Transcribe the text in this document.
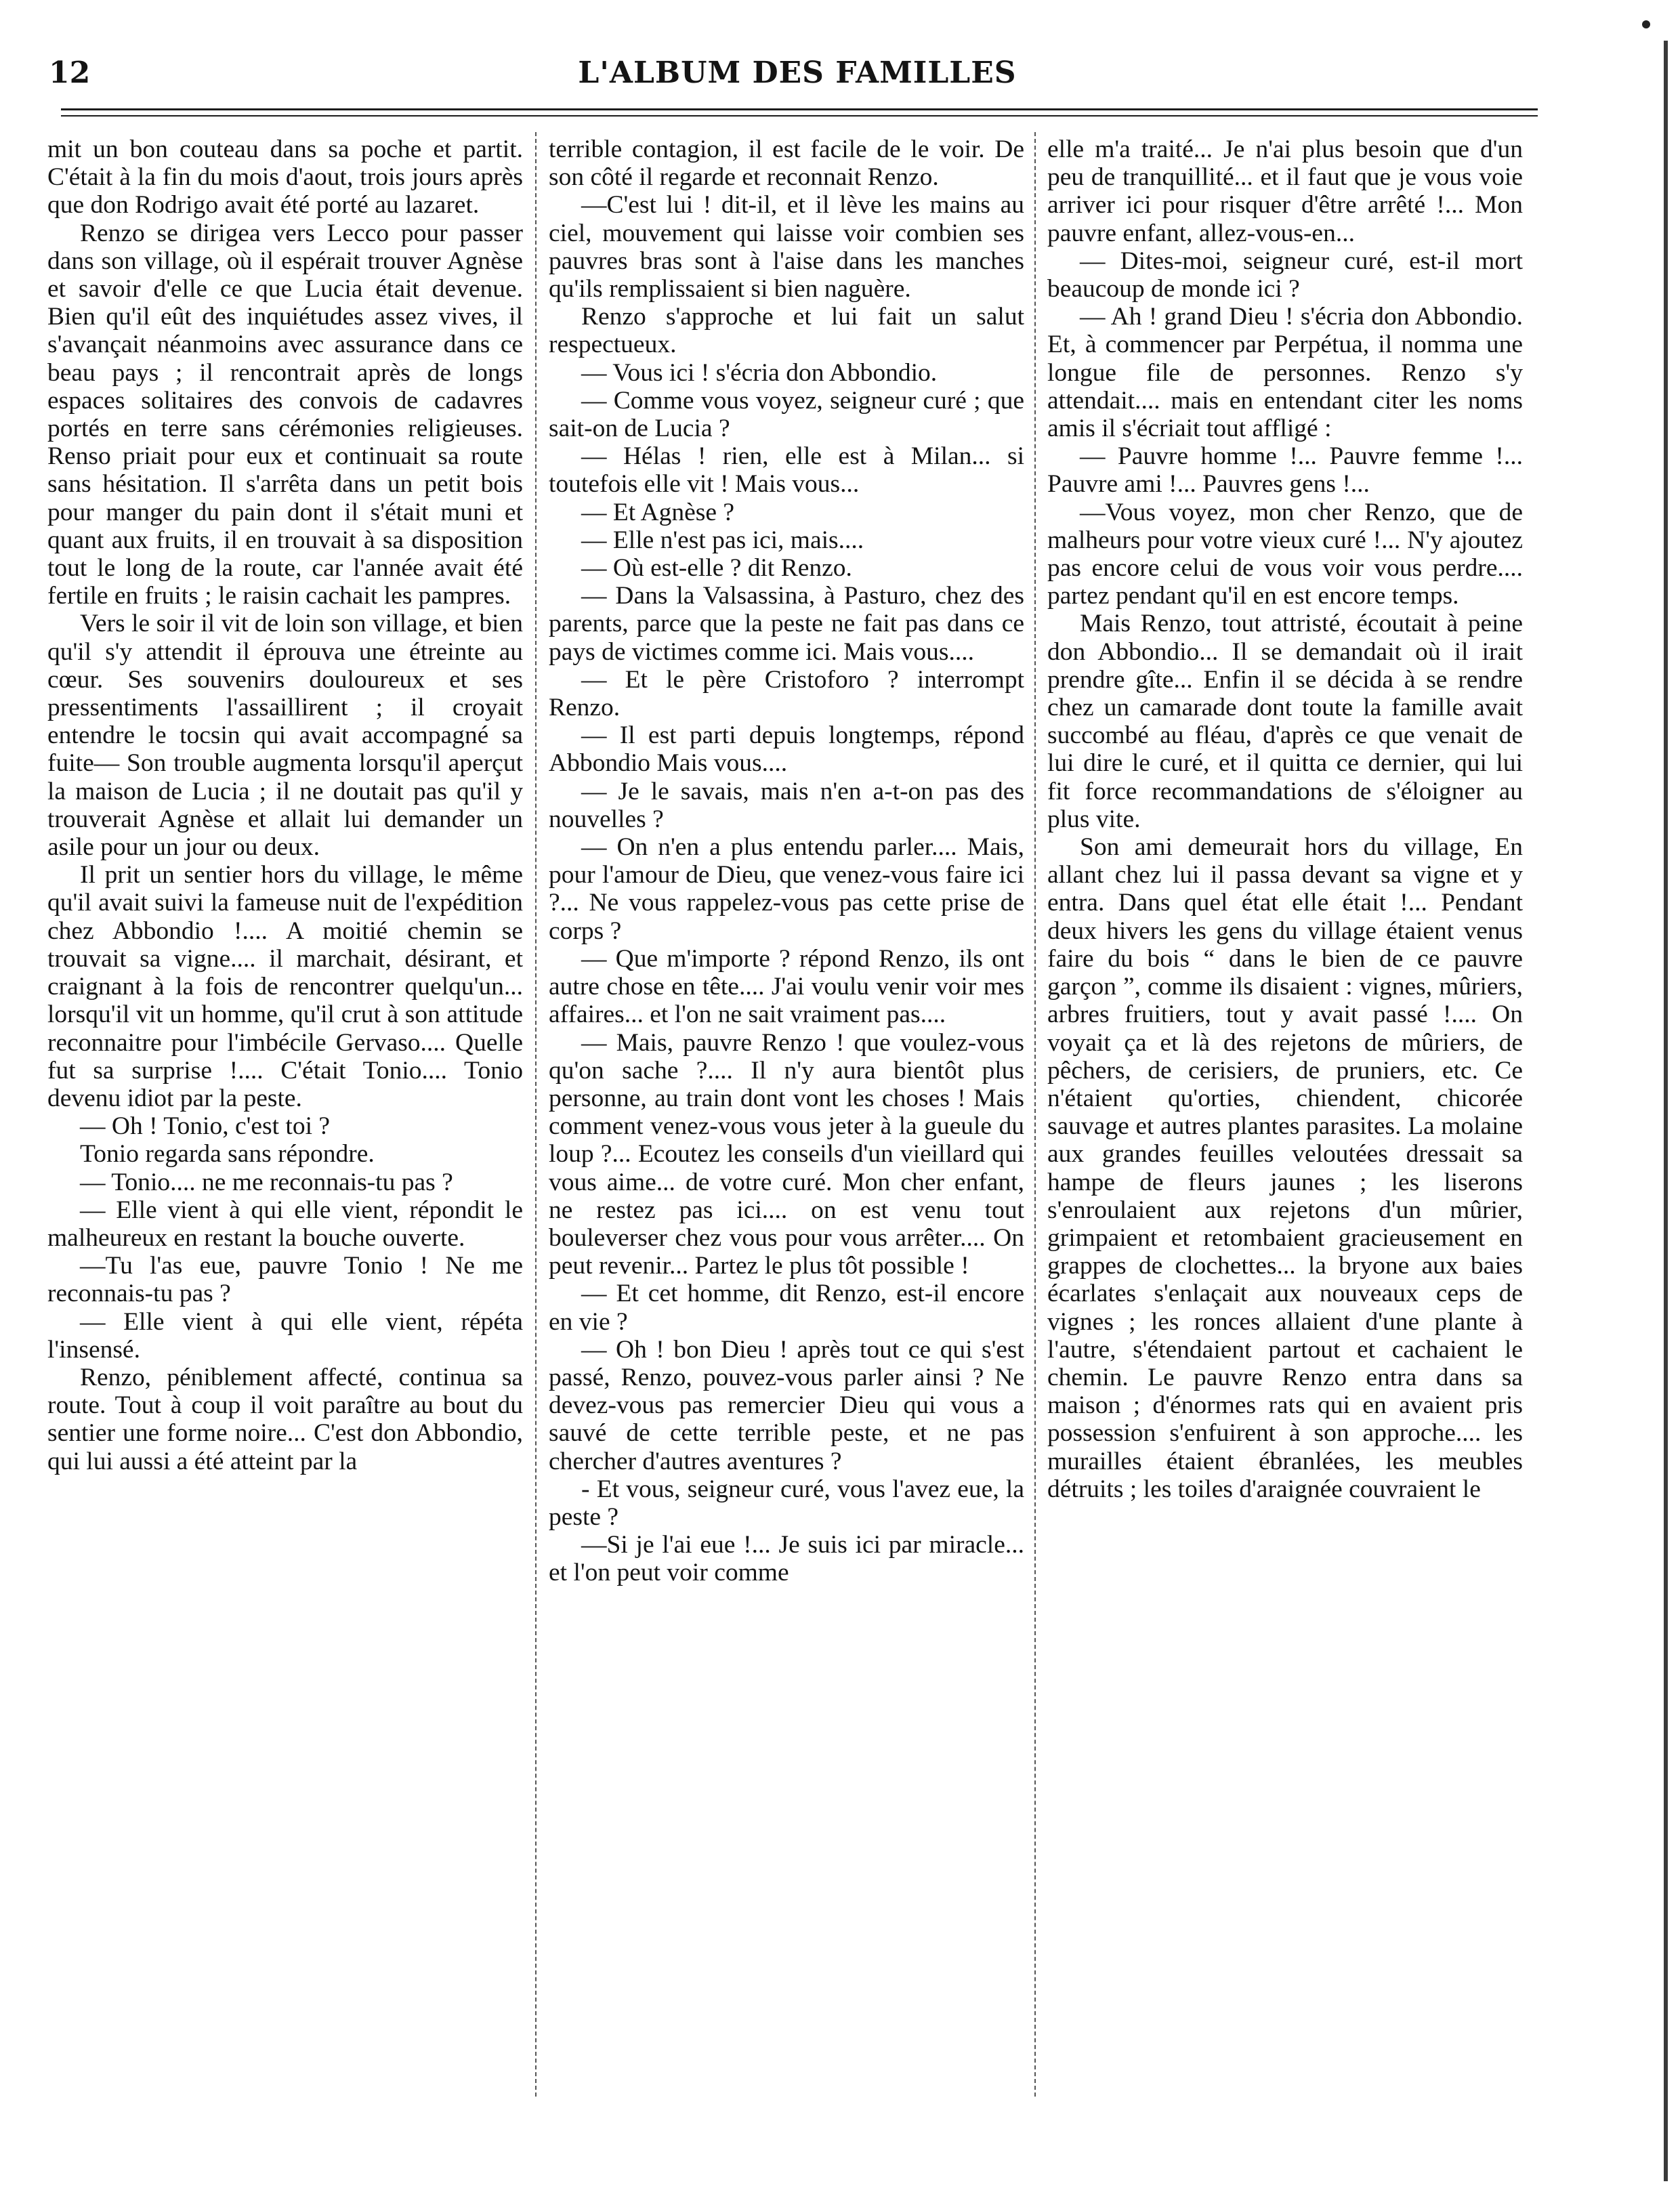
12	L'ALBUM DES FAMILLES

mit un bon couteau dans sa poche et partit. C'était à la fin du mois d'aout, trois jours après que don Rodrigo avait été porté au lazaret.

Renzo se dirigea vers Lecco pour passer dans son village, où il espérait trouver Agnèse et savoir d'elle ce que Lucia était devenue. Bien qu'il eût des inquiétudes assez vives, il s'avançait néanmoins avec assurance dans ce beau pays ; il rencontrait après de longs espaces solitaires des convois de cadavres portés en terre sans cérémonies religieuses. Renso priait pour eux et continuait sa route sans hésitation. Il s'arrêta dans un petit bois pour manger du pain dont il s'était muni et quant aux fruits, il en trouvait à sa disposition tout le long de la route, car l'année avait été fertile en fruits ; le raisin cachait les pampres.

Vers le soir il vit de loin son village, et bien qu'il s'y attendit il éprouva une étreinte au cœur. Ses souvenirs douloureux et ses pressentiments l'assaillirent ; il croyait entendre le tocsin qui avait accompagné sa fuite— Son trouble augmenta lorsqu'il aperçut la maison de Lucia ; il ne doutait pas qu'il y trouverait Agnèse et allait lui demander un asile pour un jour ou deux.

Il prit un sentier hors du village, le même qu'il avait suivi la fameuse nuit de l'expédition chez Abbondio !.... A moitié chemin se trouvait sa vigne.... il marchait, désirant, et craignant à la fois de rencontrer quelqu'un... lorsqu'il vit un homme, qu'il crut à son attitude reconnaitre pour l'imbécile Gervaso.... Quelle fut sa surprise !.... C'était Tonio.... Tonio devenu idiot par la peste.

— Oh ! Tonio, c'est toi ?

Tonio regarda sans répondre.

— Tonio.... ne me reconnais-tu pas ?

— Elle vient à qui elle vient, répondit le malheureux en restant la bouche ouverte.

—Tu l'as eue, pauvre Tonio ! Ne me reconnais-tu pas ?

— Elle vient à qui elle vient, répéta l'insensé.

Renzo, péniblement affecté, continua sa route. Tout à coup il voit paraître au bout du sentier une forme noire... C'est don Abbondio, qui lui aussi a été atteint par la

terrible contagion, il est facile de le voir. De son côté il regarde et reconnait Renzo.

—C'est lui ! dit-il, et il lève les mains au ciel, mouvement qui laisse voir combien ses pauvres bras sont à l'aise dans les manches qu'ils remplissaient si bien naguère.

Renzo s'approche et lui fait un salut respectueux.

— Vous ici ! s'écria don Abbondio.

— Comme vous voyez, seigneur curé ; que sait-on de Lucia ?

— Hélas ! rien, elle est à Milan... si toutefois elle vit ! Mais vous...

— Et Agnèse ?

— Elle n'est pas ici, mais....

— Où est-elle ? dit Renzo.

— Dans la Valsassina, à Pasturo, chez des parents, parce que la peste ne fait pas dans ce pays de victimes comme ici. Mais vous....

— Et le père Cristoforo ? interrompt Renzo.

— Il est parti depuis longtemps, répond Abbondio Mais vous....

— Je le savais, mais n'en a-t-on pas des nouvelles ?

— On n'en a plus entendu parler.... Mais, pour l'amour de Dieu, que venez-vous faire ici ?... Ne vous rappelez-vous pas cette prise de corps ?

— Que m'importe ? répond Renzo, ils ont autre chose en tête.... J'ai voulu venir voir mes affaires... et l'on ne sait vraiment pas....

— Mais, pauvre Renzo ! que voulez-vous qu'on sache ?.... Il n'y aura bientôt plus personne, au train dont vont les choses ! Mais comment venez-vous vous jeter à la gueule du loup ?... Ecoutez les conseils d'un vieillard qui vous aime... de votre curé. Mon cher enfant, ne restez pas ici.... on est venu tout bouleverser chez vous pour vous arrêter.... On peut revenir... Partez le plus tôt possible !

— Et cet homme, dit Renzo, est-il encore en vie ?

— Oh ! bon Dieu ! après tout ce qui s'est passé, Renzo, pouvez-vous parler ainsi ? Ne devez-vous pas remercier Dieu qui vous a sauvé de cette terrible peste, et ne pas chercher d'autres aventures ?

- Et vous, seigneur curé, vous l'avez eue, la peste ?

—Si je l'ai eue !... Je suis ici par miracle... et l'on peut voir comme

elle m'a traité... Je n'ai plus besoin que d'un peu de tranquillité... et il faut que je vous voie arriver ici pour risquer d'être arrêté !... Mon pauvre enfant, allez-vous-en...

— Dites-moi, seigneur curé, est-il mort beaucoup de monde ici ?

— Ah ! grand Dieu ! s'écria don Abbondio. Et, à commencer par Perpétua, il nomma une longue file de personnes. Renzo s'y attendait.... mais en entendant citer les noms amis il s'écriait tout affligé :

— Pauvre homme !... Pauvre femme !... Pauvre ami !... Pauvres gens !...

—Vous voyez, mon cher Renzo, que de malheurs pour votre vieux curé !... N'y ajoutez pas encore celui de vous voir vous perdre.... partez pendant qu'il en est encore temps.

Mais Renzo, tout attristé, écoutait à peine don Abbondio... Il se demandait où il irait prendre gîte... Enfin il se décida à se rendre chez un camarade dont toute la famille avait succombé au fléau, d'après ce que venait de lui dire le curé, et il quitta ce dernier, qui lui fit force recommandations de s'éloigner au plus vite.

Son ami demeurait hors du village, En allant chez lui il passa devant sa vigne et y entra. Dans quel état elle était !... Pendant deux hivers les gens du village étaient venus faire du bois “ dans le bien de ce pauvre garçon ”, comme ils disaient : vignes, mûriers, arbres fruitiers, tout y avait passé !.... On voyait ça et là des rejetons de mûriers, de pêchers, de cerisiers, de pruniers, etc. Ce n'étaient qu'orties, chiendent, chicorée sauvage et autres plantes parasites. La molaine aux grandes feuilles veloutées dressait sa hampe de fleurs jaunes ; les liserons s'enroulaient aux rejetons d'un mûrier, grimpaient et retombaient gracieusement en grappes de clochettes... la bryone aux baies écarlates s'enlaçait aux nouveaux ceps de vignes ; les ronces allaient d'une plante à l'autre, s'étendaient partout et cachaient le chemin. Le pauvre Renzo entra dans sa maison ; d'énormes rats qui en avaient pris possession s'enfuirent à son approche.... les murailles étaient ébranlées, les meubles détruits ; les toiles d'araignée couvraient le
